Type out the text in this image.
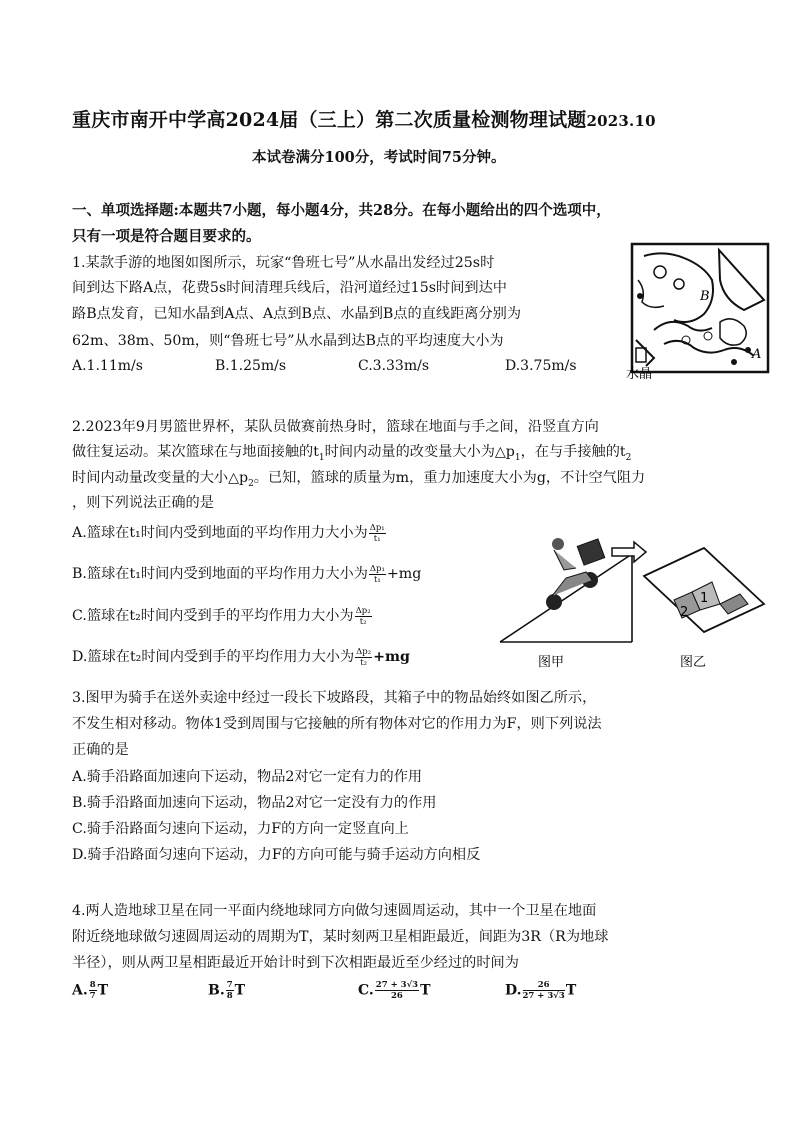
重庆市南开中学高2024届（三上）第二次质量检测物理试题2023.10
本试卷满分100分，考试时间75分钟。
一、单项选择题:本题共7小题，每小题4分，共28分。在每小题给出的四个选项中，
只有一项是符合题目要求的。
1.某款手游的地图如图所示，玩家“鲁班七号”从水晶出发经过25s时
间到达下路A点，花费5s时间清理兵线后，沿河道经过15s时间到达中
路B点发育，已知水晶到A点、A点到B点、水晶到B点的直线距离分别为
62m、38m、50m，则“鲁班七号”从水晶到达B点的平均速度大小为
A.1.11m/s	B.1.25m/s	C.3.33m/s	D.3.75m/s
B
A
水晶
2.2023年9月男篮世界杯，某队员做赛前热身时，篮球在地面与手之间，沿竖直方向
做往复运动。某次篮球在与地面接触的$t_1$时间内动量的改变量大小为$\triangle p_1$，在与手接触的$t_2$
时间内动量改变量的大小$\triangle p_2$。已知，篮球的质量为m，重力加速度大小为g，不计空气阻力
，则下列说法正确的是
A.篮球在t₁时间内受到地面的平均作用力大小为 $\frac{\text{Δp₁}}{\text{t₁}}$
B.篮球在t₁时间内受到地面的平均作用力大小为 $\frac{\text{Δp₁}}{\text{t₁}} +mg$
C.篮球在t₂时间内受到手的平均作用力大小为 $\frac{\text{Δp₂}}{\text{t₂}}$
D.篮球在t₂时间内受到手的平均作用力大小为 $\frac{\text{Δp₂}}{\text{t₂}} +mg$
2
1
图甲	图乙
3.图甲为骑手在送外卖途中经过一段长下坡路段，其箱子中的物品始终如图乙所示，
不发生相对移动。物体1受到周围与它接触的所有物体对它的作用力为F，则下列说法
正确的是
A.骑手沿路面加速向下运动，物品2对它一定有力的作用
B.骑手沿路面加速向下运动，物品2对它一定没有力的作用
C.骑手沿路面匀速向下运动，力F的方向一定竖直向上
D.骑手沿路面匀速向下运动，力F的方向可能与骑手运动方向相反
4.两人造地球卫星在同一平面内绕地球同方向做匀速圆周运动，其中一个卫星在地面
附近绕地球做匀速圆周运动的周期为T，某时刻两卫星相距最近，间距为3R（R为地球
半径），则从两卫星相距最近开始计时到下次相距最近至少经过的时间为
A. $\frac{8}{7}$ T	B. $\frac{7}{8}$ T	C. $\frac{27 + 3√3}{26}$ T	D. $\frac{26}{27 + 3√3}$ T
